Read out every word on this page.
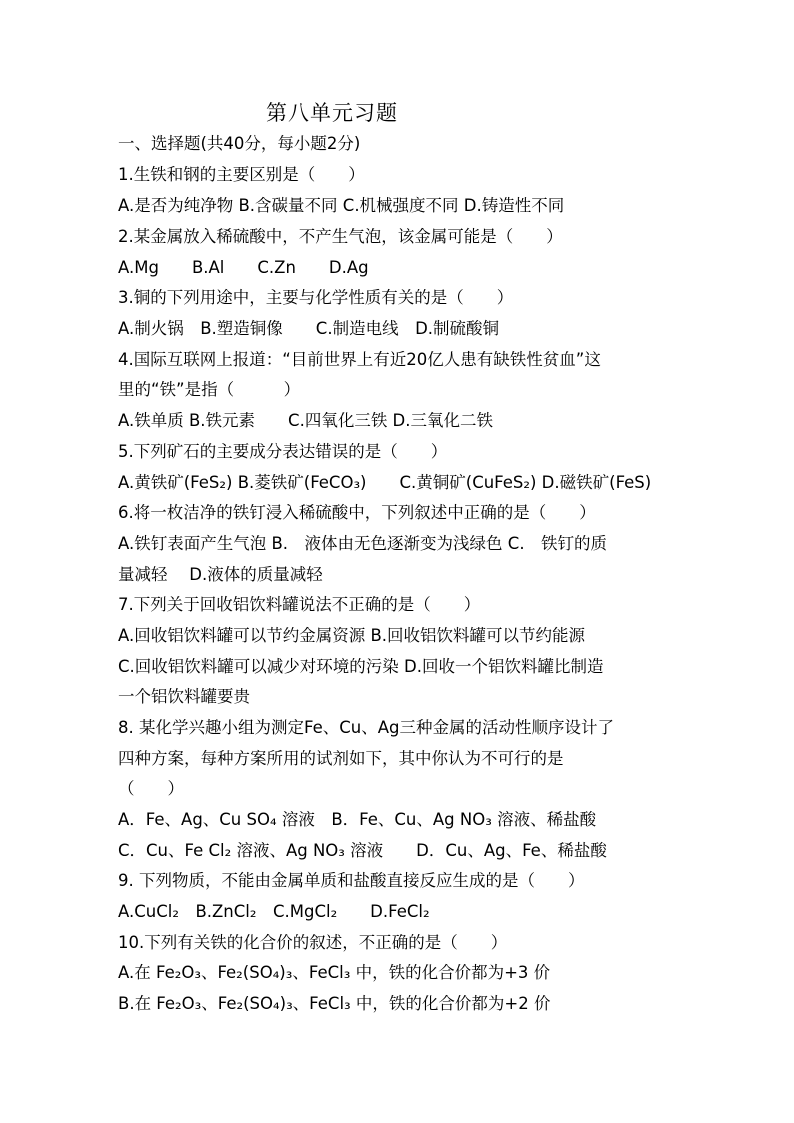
第八单元习题
一、选择题(共40分，每小题2分)
1.生铁和钢的主要区别是（　　）
A.是否为纯净物 B.含碳量不同 C.机械强度不同 D.铸造性不同
2.某金属放入稀硫酸中，不产生气泡，该金属可能是（　　）
A.Mg　　B.Al　　C.Zn　　D.Ag
3.铜的下列用途中，主要与化学性质有关的是（　　）
A.制火锅　B.塑造铜像　　C.制造电线　D.制硫酸铜
4.国际互联网上报道：“目前世界上有近20亿人患有缺铁性贫血”这
里的“铁”是指（　　　）
A.铁单质 B.铁元素　　C.四氧化三铁 D.三氧化二铁
5.下列矿石的主要成分表达错误的是（　　）
A.黄铁矿(FeS₂) B.菱铁矿(FeCO₃)　　C.黄铜矿(CuFeS₂) D.磁铁矿(FeS)
6.将一枚洁净的铁钉浸入稀硫酸中，下列叙述中正确的是（　　）
A.铁钉表面产生气泡 B.　液体由无色逐渐变为浅绿色 C.　铁钉的质
量减轻　 D.液体的质量减轻
7.下列关于回收铝饮料罐说法不正确的是（　　）
A.回收铝饮料罐可以节约金属资源 B.回收铝饮料罐可以节约能源
C.回收铝饮料罐可以减少对环境的污染 D.回收一个铝饮料罐比制造
一个铝饮料罐要贵
8. 某化学兴趣小组为测定Fe、Cu、Ag三种金属的活动性顺序设计了
四种方案，每种方案所用的试剂如下，其中你认为不可行的是
（　　）
A．Fe、Ag、Cu SO₄ 溶液　B．Fe、Cu、Ag NO₃ 溶液、稀盐酸
C．Cu、Fe Cl₂ 溶液、Ag NO₃ 溶液　　D．Cu、Ag、Fe、稀盐酸
9. 下列物质，不能由金属单质和盐酸直接反应生成的是（　　）
A.CuCl₂　B.ZnCl₂　C.MgCl₂　　D.FeCl₂
10.下列有关铁的化合价的叙述，不正确的是（　　）
A.在 Fe₂O₃、Fe₂(SO₄)₃、FeCl₃ 中，铁的化合价都为+3 价
B.在 Fe₂O₃、Fe₂(SO₄)₃、FeCl₃ 中，铁的化合价都为+2 价
